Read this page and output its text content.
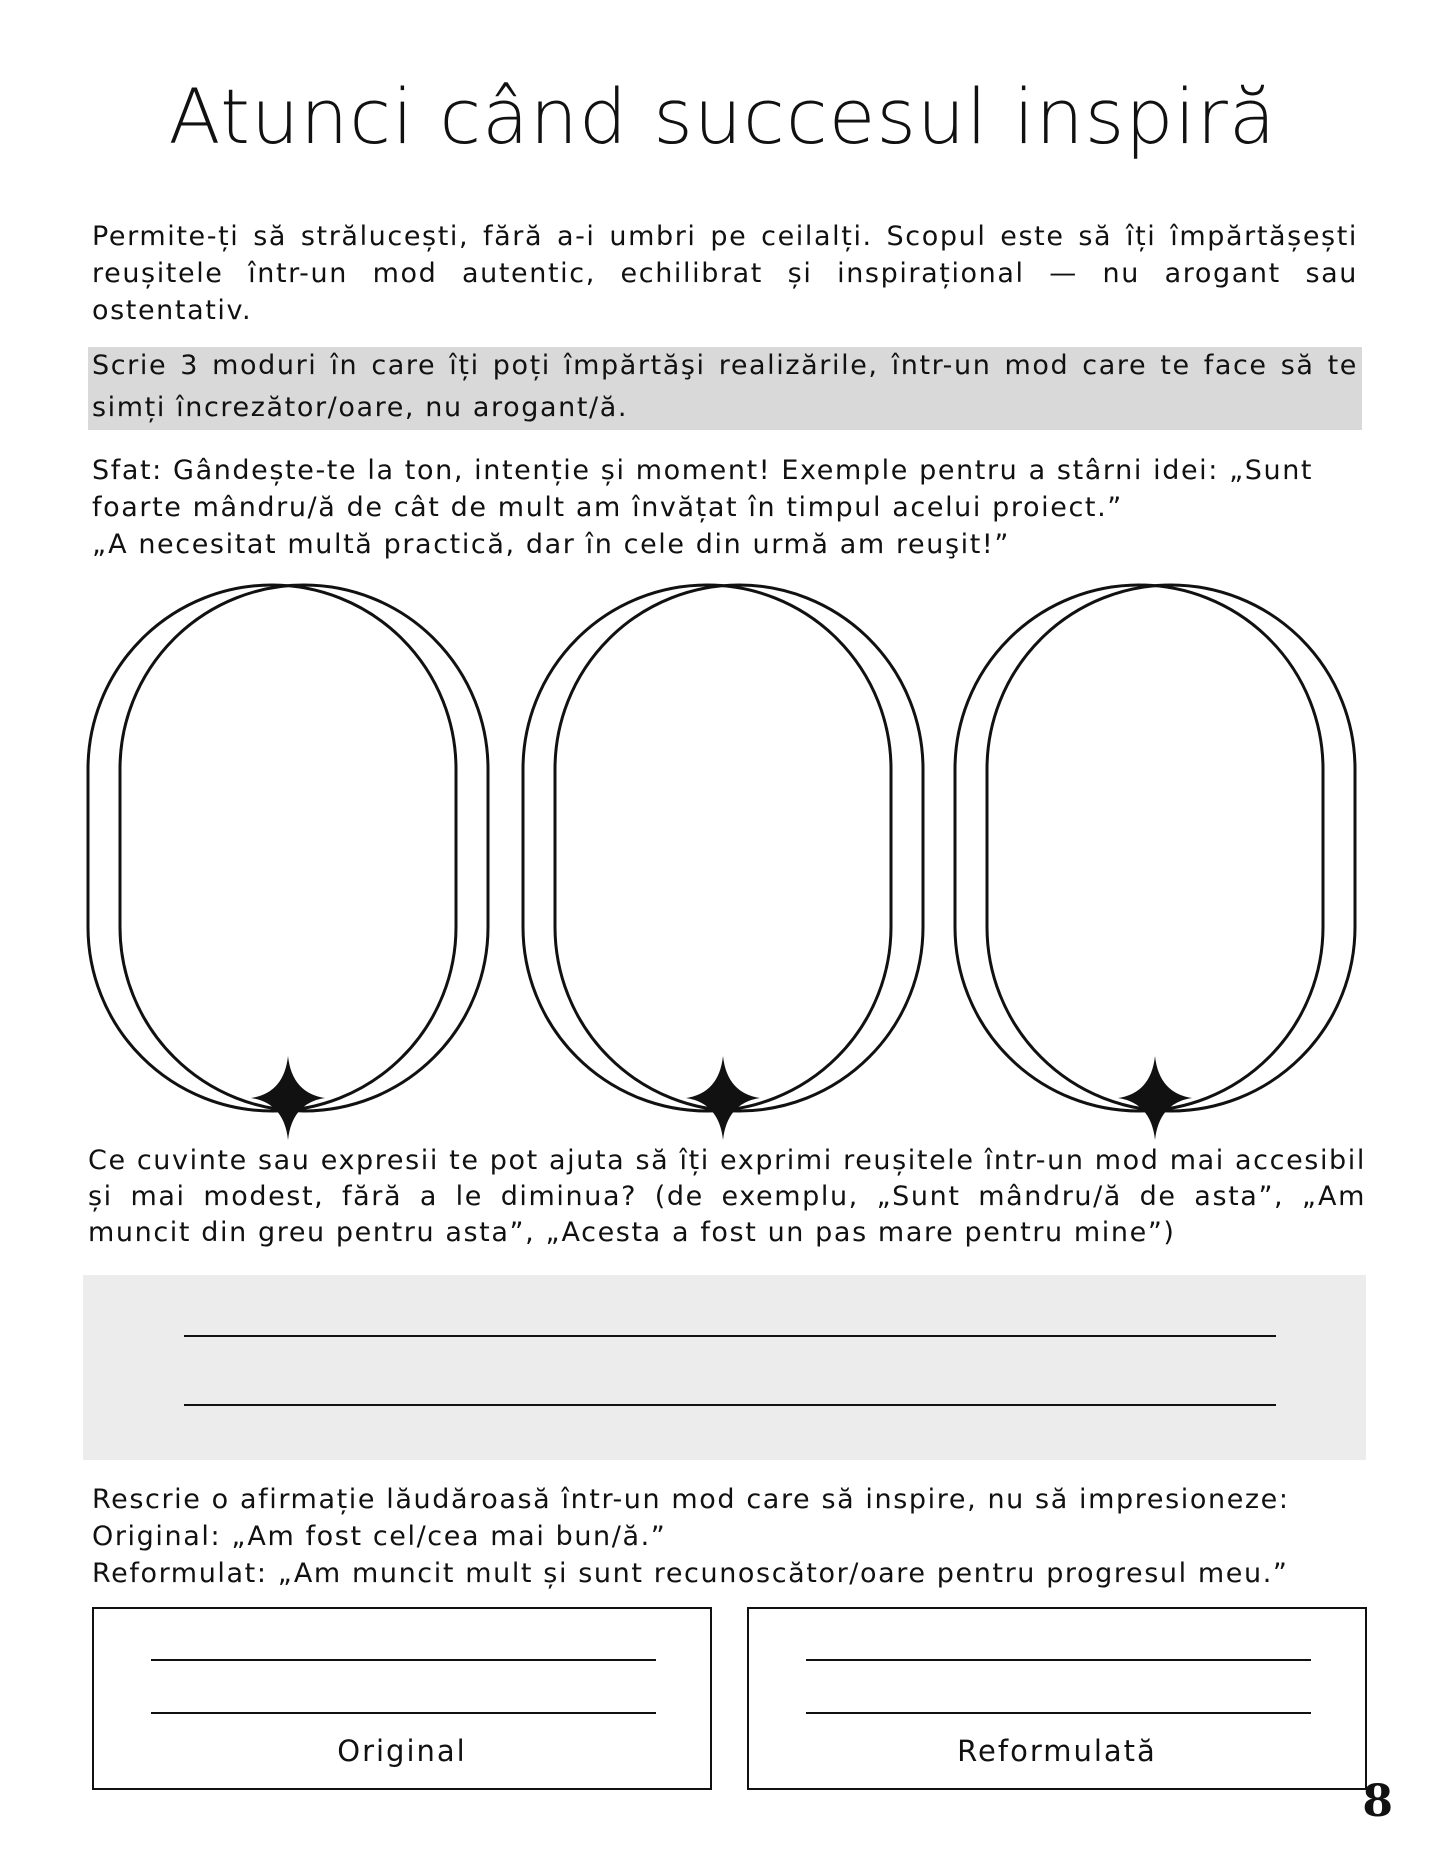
Atunci când succesul inspiră

Permite-ți să strălucești, fără a-i umbri pe ceilalți. Scopul este să îți împărtășești reușitele într-un mod autentic, echilibrat și inspirațional — nu arogant sau ostentativ.

Scrie 3 moduri în care îți poți împărtăşi realizările, într-un mod care te face să te simți încrezător/oare, nu arogant/ă.

Sfat: Gândește-te la ton, intenție și moment! Exemple pentru a stârni idei: „Sunt foarte mândru/ă de cât de mult am învățat în timpul acelui proiect.”
„A necesitat multă practică, dar în cele din urmă am reuşit!”

Ce cuvinte sau expresii te pot ajuta să îți exprimi reușitele într-un mod mai accesibil și mai modest, fără a le diminua? (de exemplu, „Sunt mândru/ă de asta”, „Am muncit din greu pentru asta”, „Acesta a fost un pas mare pentru mine”)

Rescrie o afirmație lăudăroasă într-un mod care să inspire, nu să impresioneze:
Original: „Am fost cel/cea mai bun/ă.”
Reformulat: „Am muncit mult și sunt recunoscător/oare pentru progresul meu.”

Original	Reformulată
8
